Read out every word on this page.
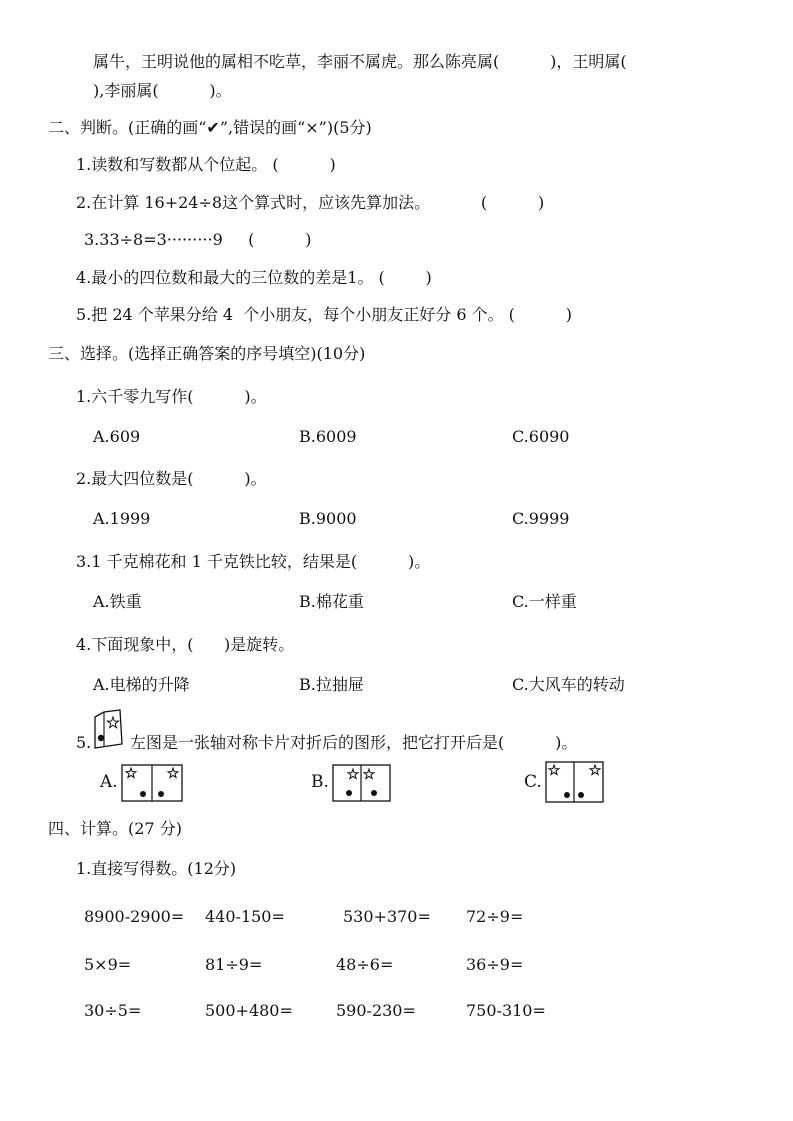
属牛，王明说他的属相不吃草，李丽不属虎。那么陈亮属(          )，王明属(
),李丽属(          )。
二、判断。(正确的画“✔”,错误的画“×”)(5分)
1.读数和写数都从个位起。 (          )
2.在计算 16+24÷8这个算式时，应该先算加法。          (          )
3.33÷8=3·········9     (          )
4.最小的四位数和最大的三位数的差是1。 (        )
5.把 24 个苹果分给 4  个小朋友，每个小朋友正好分 6 个。 (          )
三、选择。(选择正确答案的序号填空)(10分)
1.六千零九写作(          )。
A.609	B.6009	C.6090
2.最大四位数是(          )。
A.1999	B.9000	C.9999
3.1 千克棉花和 1 千克铁比较，结果是(          )。
A.铁重	B.棉花重	C.一样重
4.下面现象中，(      )是旋转。
A.电梯的升降	B.拉抽屉	C.大风车的转动
5. 左图是一张轴对称卡片对折后的图形，把它打开后是(          )。
A.	B.	C.
四、计算。(27 分)
1.直接写得数。(12分)
8900-2900= 440-150=	530+370= 72÷9=
5×9=	81÷9=	48÷6=	36÷9=
30÷5=	500+480=	590-230=	750-310=
